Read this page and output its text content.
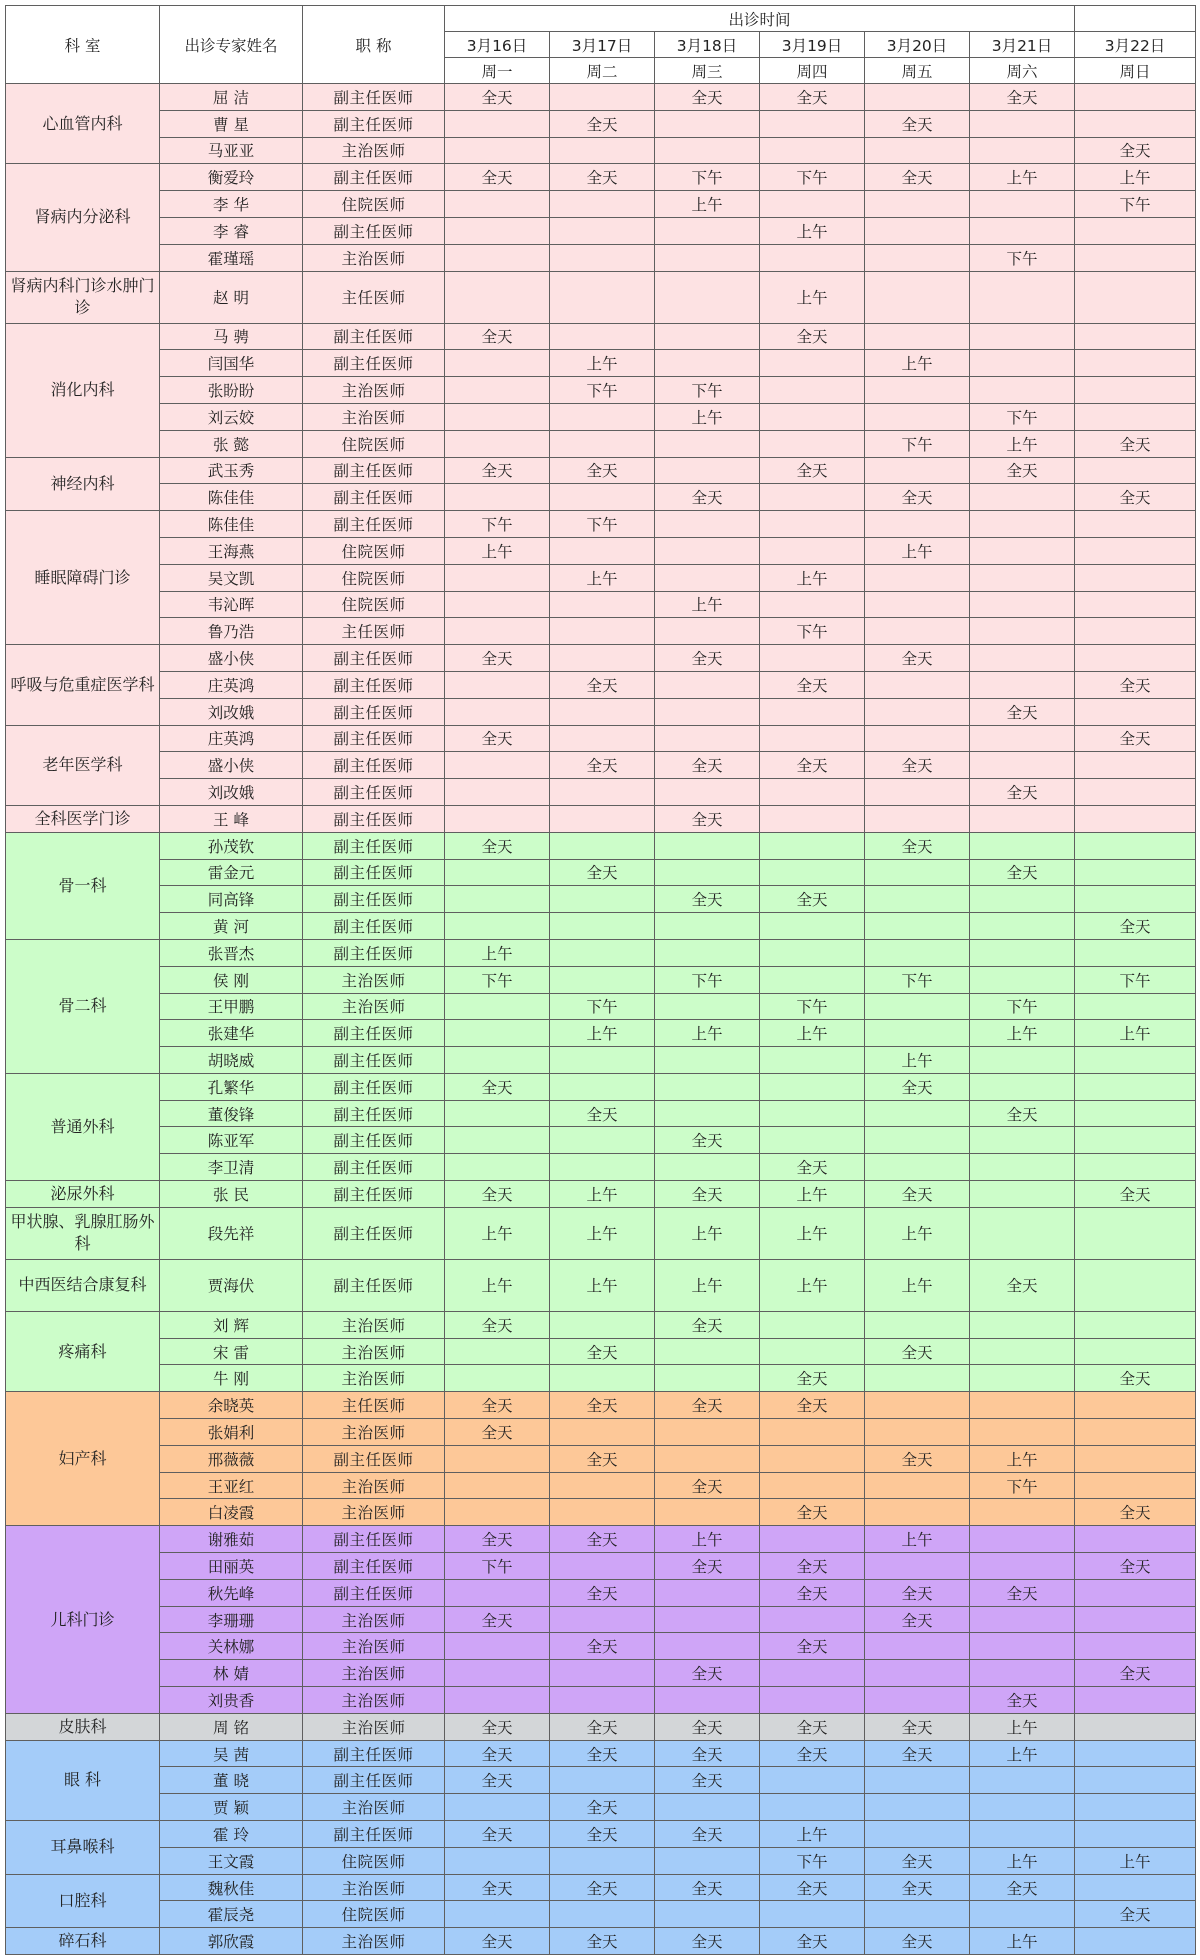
科 室	出诊专家姓名	职 称	出诊时间						
			3月16日	3月17日	3月18日	3月19日	3月20日	3月21日	3月22日
			周一	周二	周三	周四	周五	周六	周日
心血管内科	屈 洁	副主任医师	全天		全天	全天		全天	
	曹 星	副主任医师		全天			全天		
	马亚亚	主治医师							全天
肾病内分泌科	衡爱玲	副主任医师	全天	全天	下午	下午	全天	上午	上午
	李 华	住院医师			上午				下午
	李 睿	副主任医师				上午			
	霍瑾瑶	主治医师						下午	
肾病内科门诊水肿门诊	赵 明	主任医师				上午			
消化内科	马 骋	副主任医师	全天			全天			
	闫国华	副主任医师		上午			上午		
	张盼盼	主治医师		下午	下午				
	刘云姣	主治医师			上午			下午	
	张 懿	住院医师					下午	上午	全天
神经内科	武玉秀	副主任医师	全天	全天		全天		全天	
	陈佳佳	副主任医师			全天		全天		全天
睡眠障碍门诊	陈佳佳	副主任医师	下午	下午					
	王海燕	住院医师	上午				上午		
	吴文凯	住院医师		上午		上午			
	韦沁晖	住院医师			上午				
	鲁乃浩	主任医师				下午			
呼吸与危重症医学科	盛小侠	副主任医师	全天		全天		全天		
	庄英鸿	副主任医师		全天		全天			全天
	刘改娥	副主任医师						全天	
老年医学科	庄英鸿	副主任医师	全天						全天
	盛小侠	副主任医师		全天	全天	全天	全天		
	刘改娥	副主任医师						全天	
全科医学门诊	王 峰	副主任医师			全天				
骨一科	孙茂钦	副主任医师	全天				全天		
	雷金元	副主任医师		全天				全天	
	同高锋	副主任医师			全天	全天			
	黄 河	副主任医师							全天
骨二科	张晋杰	副主任医师	上午						
	侯 刚	主治医师	下午		下午		下午		下午
	王甲鹏	主治医师		下午		下午		下午	
	张建华	副主任医师		上午	上午	上午		上午	上午
	胡晓威	副主任医师					上午		
普通外科	孔繁华	副主任医师	全天				全天		
	董俊锋	副主任医师		全天				全天	
	陈亚军	副主任医师			全天				
	李卫清	副主任医师				全天			
泌尿外科	张 民	副主任医师	全天	上午	全天	上午	全天		全天
甲状腺、乳腺肛肠外科	段先祥	副主任医师	上午	上午	上午	上午	上午		
中西医结合康复科	贾海伏	副主任医师	上午	上午	上午	上午	上午	全天	
疼痛科	刘 辉	主治医师	全天		全天				
	宋 雷	主治医师		全天			全天		
	牛 刚	主治医师				全天			全天
妇产科	余晓英	主任医师	全天	全天	全天	全天			
	张娟利	主治医师	全天						
	邢薇薇	副主任医师		全天			全天	上午	
	王亚红	主治医师			全天			下午	
	白凌霞	主治医师				全天			全天
儿科门诊	谢雅茹	副主任医师	全天	全天	上午		上午		
	田丽英	副主任医师	下午		全天	全天			全天
	秋先峰	副主任医师		全天		全天	全天	全天	
	李珊珊	主治医师	全天				全天		
	关林娜	主治医师		全天		全天			
	林 婧	主治医师			全天				全天
	刘贵香	主治医师						全天	
皮肤科	周 铭	主治医师	全天	全天	全天	全天	全天	上午	
眼 科	吴 茜	副主任医师	全天	全天	全天	全天	全天	上午	
	董 晓	副主任医师	全天		全天				
	贾 颖	主治医师		全天					
耳鼻喉科	霍 玲	副主任医师	全天	全天	全天	上午			
	王文霞	住院医师				下午	全天	上午	上午
口腔科	魏秋佳	主治医师	全天	全天	全天	全天	全天	全天	
	霍辰尧	住院医师							全天
碎石科	郭欣霞	主治医师	全天	全天	全天	全天	全天	上午	
